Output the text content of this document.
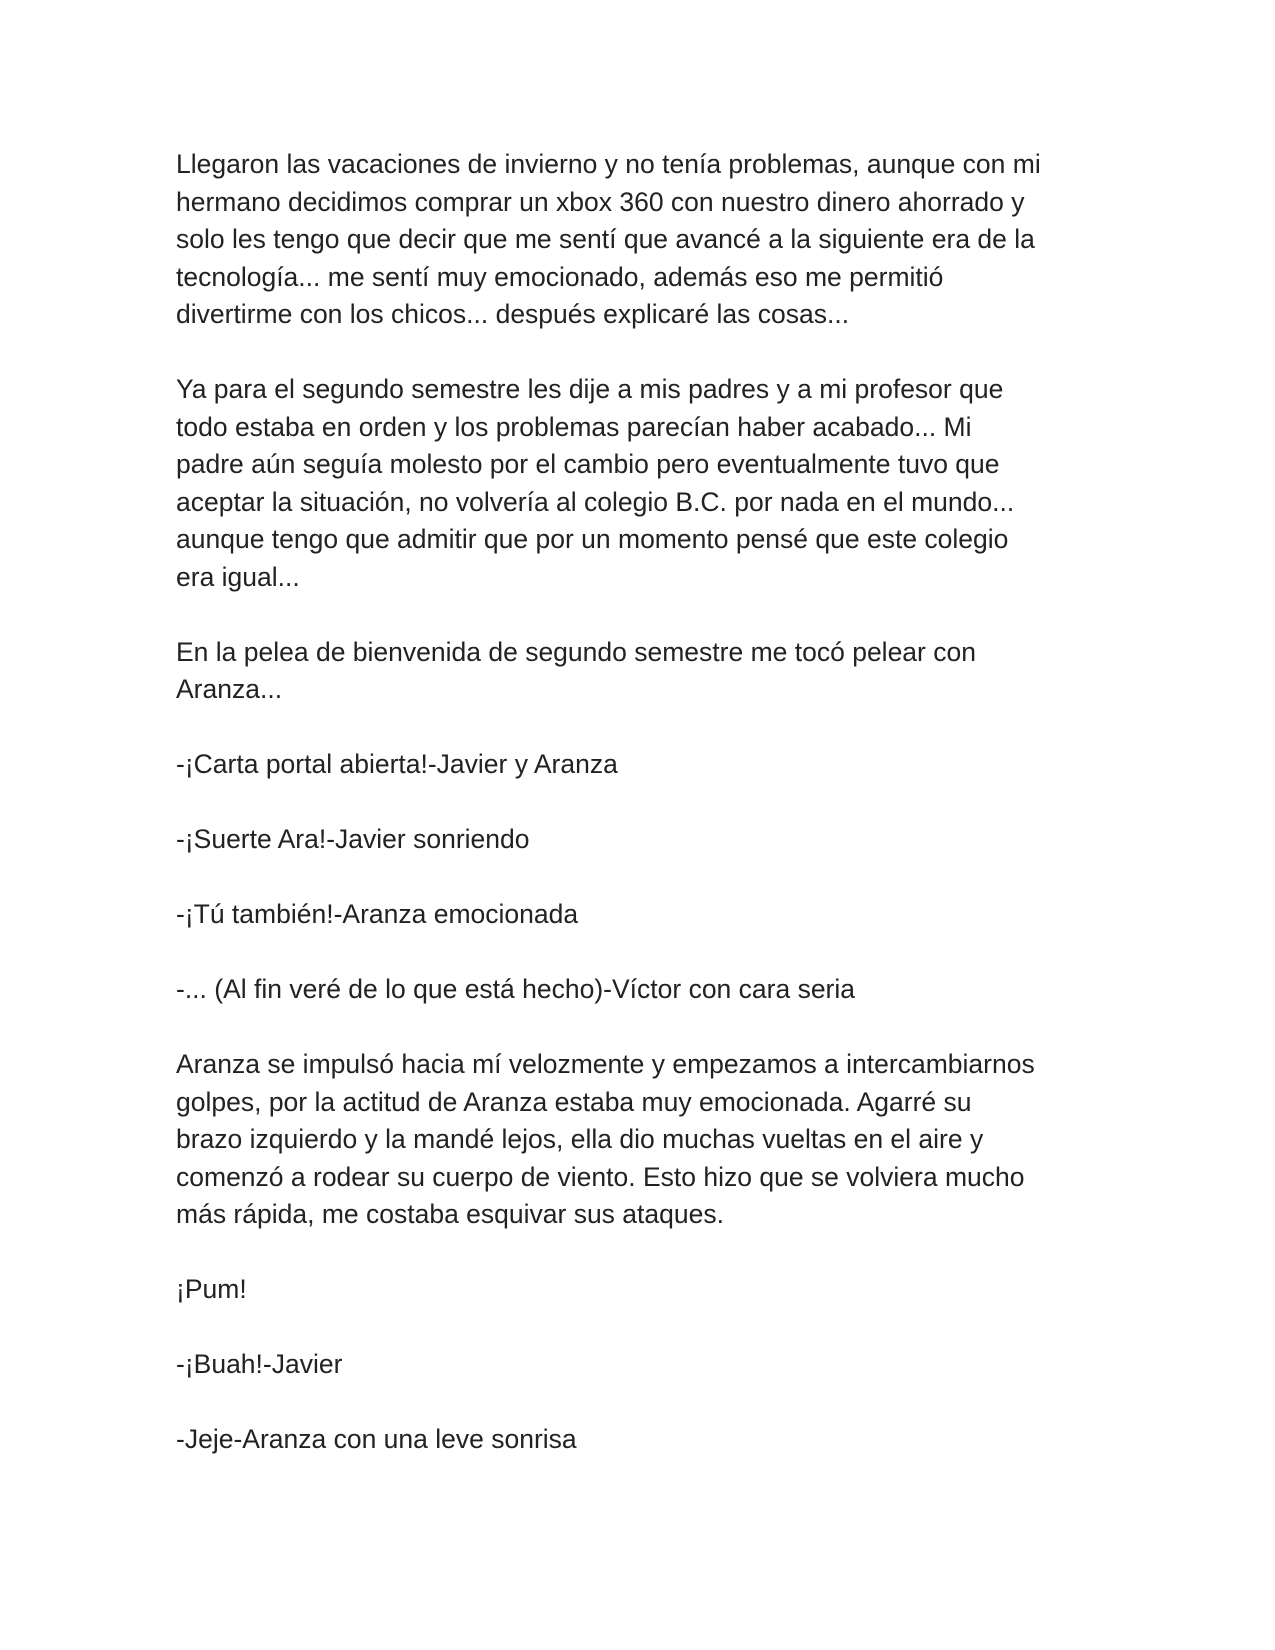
Llegaron las vacaciones de invierno y no tenía problemas, aunque con mi
hermano decidimos comprar un xbox 360 con nuestro dinero ahorrado y
solo les tengo que decir que me sentí que avancé a la siguiente era de la
tecnología... me sentí muy emocionado, además eso me permitió
divertirme con los chicos... después explicaré las cosas...

Ya para el segundo semestre les dije a mis padres y a mi profesor que
todo estaba en orden y los problemas parecían haber acabado... Mi
padre aún seguía molesto por el cambio pero eventualmente tuvo que
aceptar la situación, no volvería al colegio B.C. por nada en el mundo...
aunque tengo que admitir que por un momento pensé que este colegio
era igual...

En la pelea de bienvenida de segundo semestre me tocó pelear con
Aranza...

-¡Carta portal abierta!-Javier y Aranza

-¡Suerte Ara!-Javier sonriendo

-¡Tú también!-Aranza emocionada

-... (Al fin veré de lo que está hecho)-Víctor con cara seria

Aranza se impulsó hacia mí velozmente y empezamos a intercambiarnos
golpes, por la actitud de Aranza estaba muy emocionada. Agarré su
brazo izquierdo y la mandé lejos, ella dio muchas vueltas en el aire y
comenzó a rodear su cuerpo de viento. Esto hizo que se volviera mucho
más rápida, me costaba esquivar sus ataques.

¡Pum!

-¡Buah!-Javier

-Jeje-Aranza con una leve sonrisa
